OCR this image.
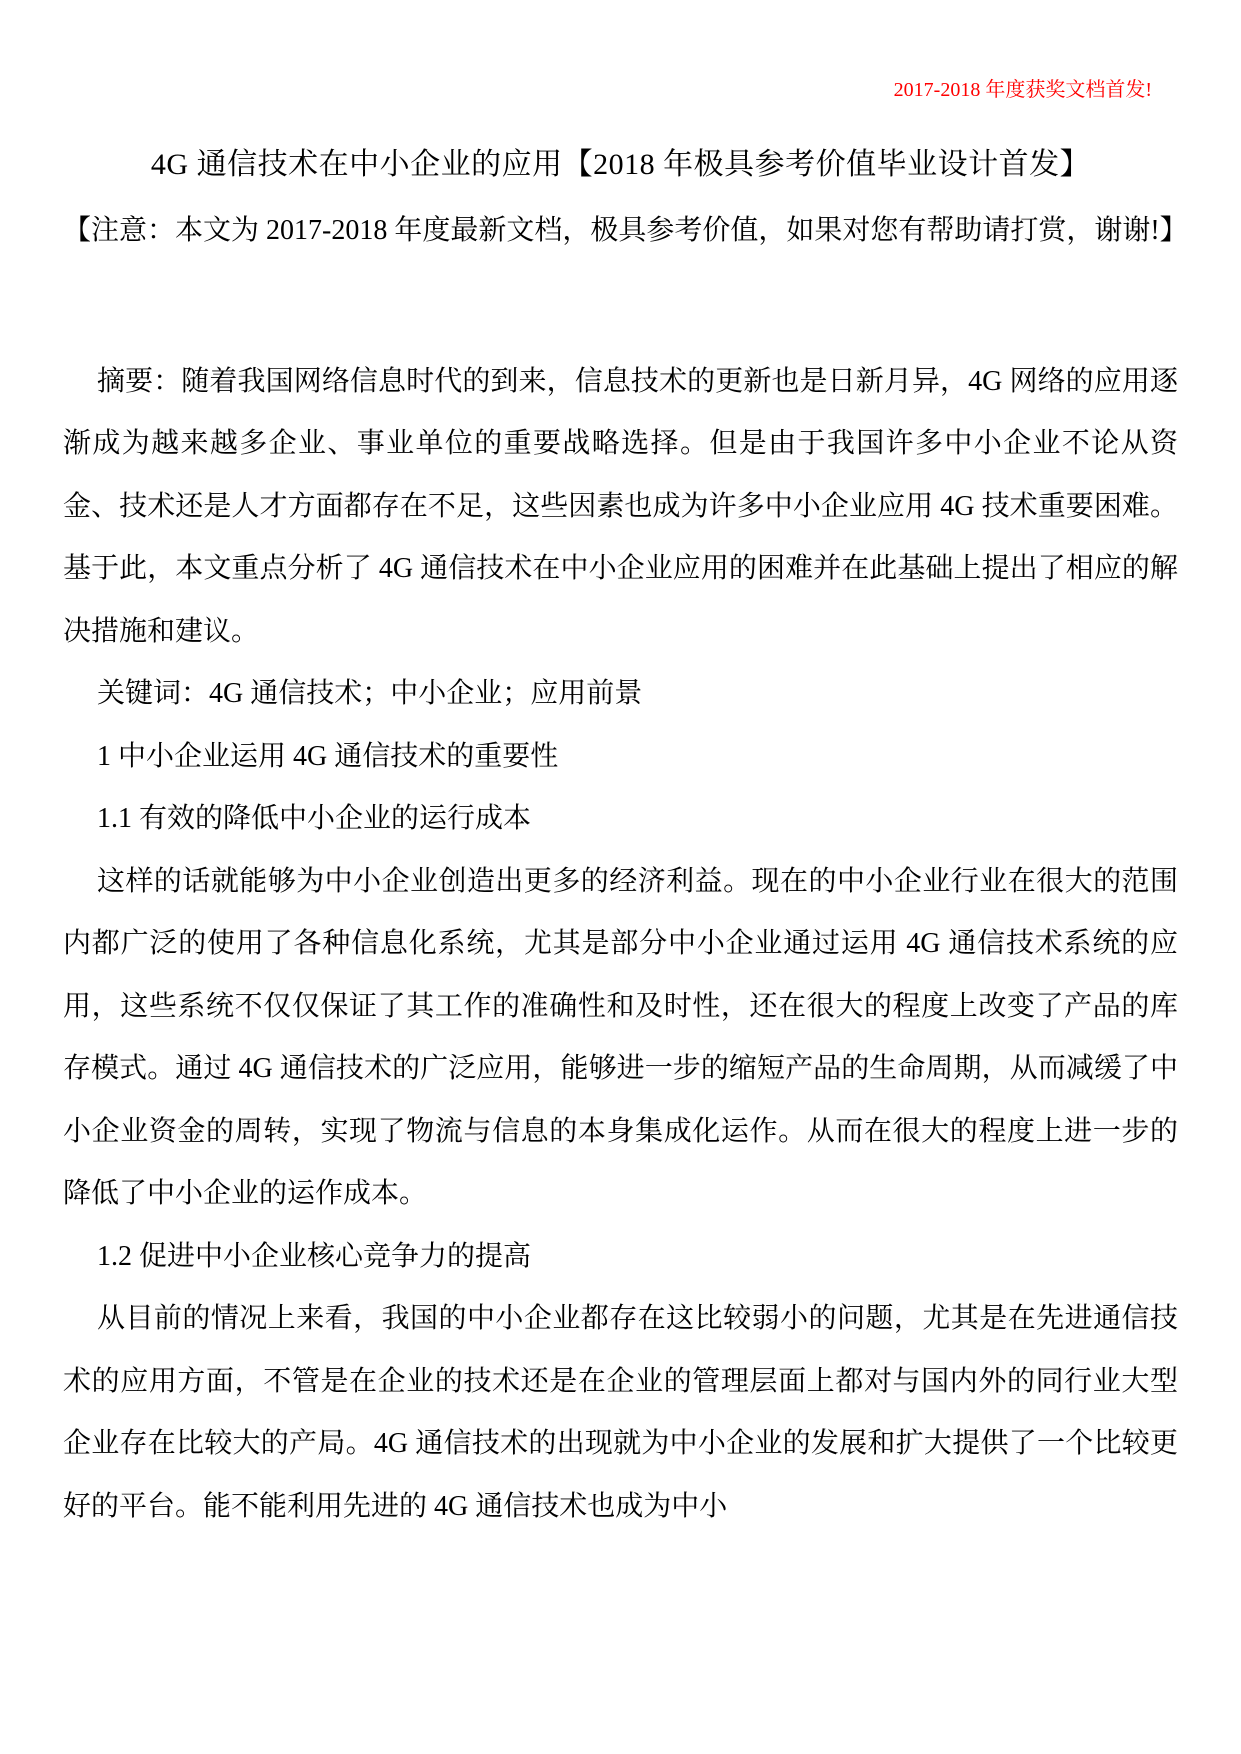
2017-2018 年度获奖文档首发!
4G 通信技术在中小企业的应用【2018 年极具参考价值毕业设计首发】
【注意：本文为 2017-2018 年度最新文档，极具参考价值，如果对您有帮助请打赏，谢谢!】

摘要：随着我国网络信息时代的到来，信息技术的更新也是日新月异，4G 网络的应用逐渐成为越来越多企业、事业单位的重要战略选择。但是由于我国许多中小企业不论从资金、技术还是人才方面都存在不足，这些因素也成为许多中小企业应用 4G 技术重要困难。基于此，本文重点分析了 4G 通信技术在中小企业应用的困难并在此基础上提出了相应的解决措施和建议。

关键词：4G 通信技术；中小企业；应用前景

1 中小企业运用 4G 通信技术的重要性

1.1 有效的降低中小企业的运行成本

这样的话就能够为中小企业创造出更多的经济利益。现在的中小企业行业在很大的范围内都广泛的使用了各种信息化系统，尤其是部分中小企业通过运用 4G 通信技术系统的应用，这些系统不仅仅保证了其工作的准确性和及时性，还在很大的程度上改变了产品的库存模式。通过 4G 通信技术的广泛应用，能够进一步的缩短产品的生命周期，从而减缓了中小企业资金的周转，实现了物流与信息的本身集成化运作。从而在很大的程度上进一步的降低了中小企业的运作成本。

1.2 促进中小企业核心竞争力的提高

从目前的情况上来看，我国的中小企业都存在这比较弱小的问题，尤其是在先进通信技术的应用方面，不管是在企业的技术还是在企业的管理层面上都对与国内外的同行业大型企业存在比较大的产局。4G 通信技术的出现就为中小企业的发展和扩大提供了一个比较更好的平台。能不能利用先进的 4G 通信技术也成为中小
